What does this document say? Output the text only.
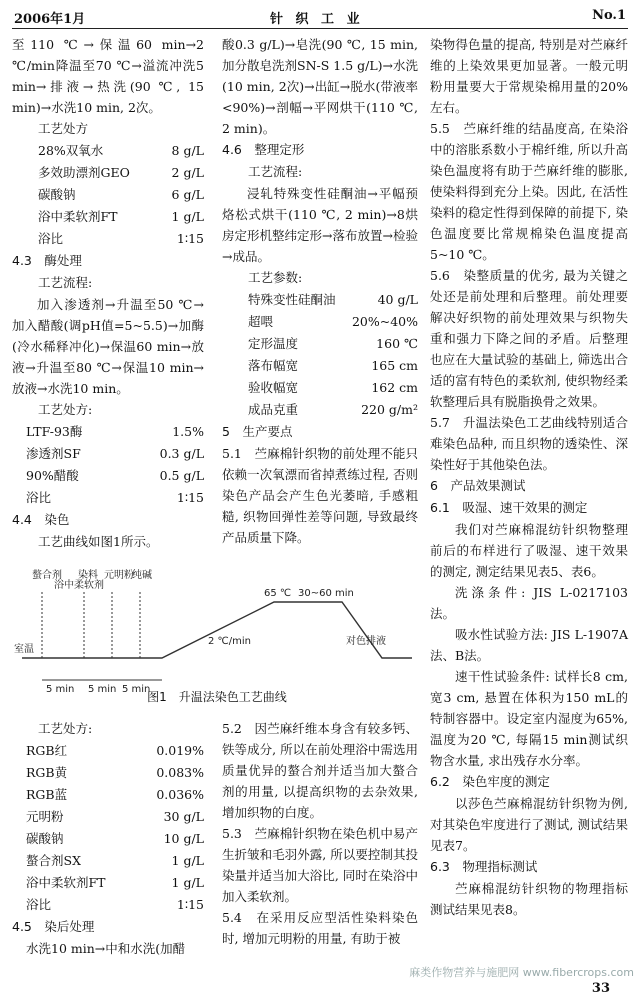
2006年1月	针 织 工 业	No.1

至110 ℃→保温60 min→2 ℃/min降温至70 ℃→溢流冲洗5 min→排液→热洗(90 ℃, 15 min)→水洗10 min, 2次。

工艺处方

28%双氧水	8 g/L
多效助漂剂GEO	2 g/L
碳酸钠	6 g/L
浴中柔软剂FT	1 g/L
浴比	1∶15

4.3　酶处理

工艺流程:

加入渗透剂→升温至50 ℃→加入醋酸(调pH值=5~5.5)→加酶(冷水稀释冲化)→保温60 min→放液→升温至80 ℃→保温10 min→放液→水洗10 min。

工艺处方:

LTF-93酶	1.5%
渗透剂SF	0.3 g/L
90%醋酸	0.5 g/L
浴比	1∶15

4.4　染色

工艺曲线如图1所示。

酸0.3 g/L)→皂洗(90 ℃, 15 min, 加分散皂洗剂SN-S 1.5 g/L)→水洗(10 min, 2次)→出缸→脱水(带液率<90%)→剖幅→平网烘干(110 ℃, 2 min)。

4.6　整理定形

工艺流程:

浸轧特殊变性硅酮油→平幅预烙松式烘干(110 ℃, 2 min)→8烘房定形机整纬定形→落布放置→检验→成品。

工艺参数:

特殊变性硅酮油	40 g/L
超喂	20%~40%
定形温度	160 ℃
落布幅宽	165 cm
验收幅宽	162 cm
成品克重	220 g/m²

5　生产要点

5.1　苎麻棉针织物的前处理不能只依赖一次氧漂而省掉煮练过程, 否则染色产品会产生色光萎暗, 手感粗糙, 织物回弹性差等问题, 导致最终产品质量下降。

染物得色量的提高, 特别是对苎麻纤维的上染效果更加显著。一般元明粉用量要大于常规染棉用量的20%左右。

5.5　苎麻纤维的结晶度高, 在染浴中的溶胀系数小于棉纤维, 所以升高染色温度将有助于苎麻纤维的膨胀, 使染料得到充分上染。因此, 在活性染料的稳定性得到保障的前提下, 染色温度要比常规棉染色温度提高5~10 ℃。

5.6　染整质量的优劣, 最为关键之处还是前处理和后整理。前处理要解决好织物的前处理效果与织物失重和强力下降之间的矛盾。后整理也应在大量试验的基础上, 筛选出合适的富有特色的柔软剂, 使织物经柔软整理后具有脱脂换骨之效果。

5.7　升温法染色工艺曲线特别适合难染色品种, 而且织物的透染性、深染性好于其他染色法。

6　产品效果测试

6.1　吸湿、速干效果的测定

我们对苎麻棉混纺针织物整理前后的布样进行了吸湿、速干效果的测定, 测定结果见表5、表6。

洗涤条件: JIS L-0217103法。

吸水性试验方法: JIS L-1907A法、B法。

速干性试验条件: 试样长8 cm, 宽3 cm, 悬置在体积为150 mL的特制容器中。设定室内湿度为65%, 温度为20 ℃, 每隔15 min测试织物含水量, 求出残存水分率。

6.2　染色牢度的测定

以莎色苎麻棉混纺针织物为例, 对其染色牢度进行了测试, 测试结果见表7。

6.3　物理指标测试

苎麻棉混纺针织物的物理指标测试结果见表8。

螯合剂
浴中柔软剂
染料 元明粉
纯碱
65 ℃ 30~60 min
2 ℃/min
室温
对色排液
5 min 5 min 5 min
图1　升温法染色工艺曲线

工艺处方:

RGB红	0.019%
RGB黄	0.083%
RGB蓝	0.036%
元明粉	30 g/L
碳酸钠	10 g/L
螯合剂SX	1 g/L
浴中柔软剂FT	1 g/L
浴比	1∶15

4.5　染后处理

水洗10 min→中和水洗(加醋

5.2　因苎麻纤维本身含有较多钙、铁等成分, 所以在前处理浴中需选用质量优异的螯合剂并适当加大螯合剂的用量, 以提高织物的去杂效果, 增加织物的白度。

5.3　苎麻棉针织物在染色机中易产生折皱和毛羽外露, 所以要控制其投染量并适当加大浴比, 同时在染浴中加入柔软剂。

5.4　在采用反应型活性染料染色时, 增加元明粉的用量, 有助于被

麻类作物营养与施肥网 www.fibercrops.com
33
